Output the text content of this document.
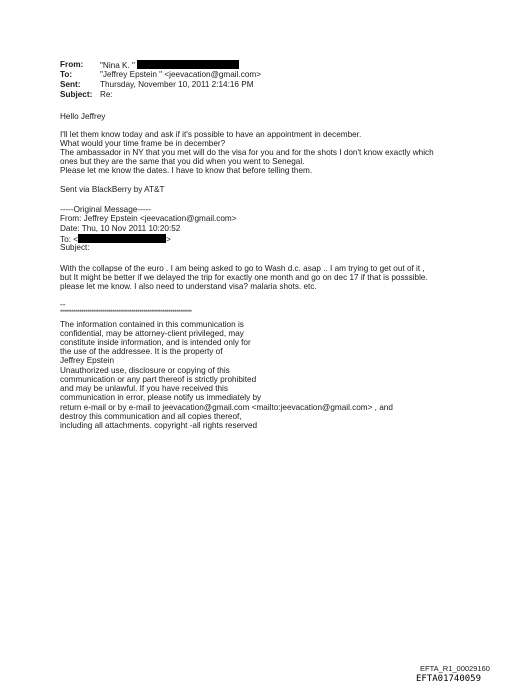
From: "Nina K. "
To:	"Jeffrey Epstein " <jeevacation@gmail.com>
Sent: Thursday, November 10, 2011 2:14:16 PM
Subject: Re:
Hello Jeffrey
I'll let them know today and ask if it's possible to have an appointment in december.
What would your time frame be in december?
The ambassador in NY that you met will do the visa for you and for the shots I don't know exactly which
ones but they are the same that you did when you went to Senegal.
Please let me know the dates. I have to know that before telling them.
Sent via BlackBerry by AT&T
-----Original Message-----
From: Jeffrey Epstein <jeevacation@gmail.com>
Date: Thu, 10 Nov 2011 10:20:52
To: <	>
Subject:
With the collapse of the euro . I am being asked to go to Wash d.c. asap .. I am trying to get out of it ,
but It might be better if we delayed the trip for exactly one month and go on dec 17 if that is posssible.
please let me know. I also need to understand visa? malaria shots. etc.
--
********************************************************************
The information contained in this communication is
confidential, may be attorney-client privileged, may
constitute inside information, and is intended only for
the use of the addressee. It is the property of
Jeffrey Epstein
Unauthorized use, disclosure or copying of this
communication or any part thereof is strictly prohibited
and may be unlawful. If you have received this
communication in error, please notify us immediately by
return e-mail or by e-mail to jeevacation@gmail.com <mailto:jeevacation@gmail.com> , and
destroy this communication and all copies thereof,
including all attachments. copyright -all rights reserved
EFTA_R1_00029160
EFTA01740059
